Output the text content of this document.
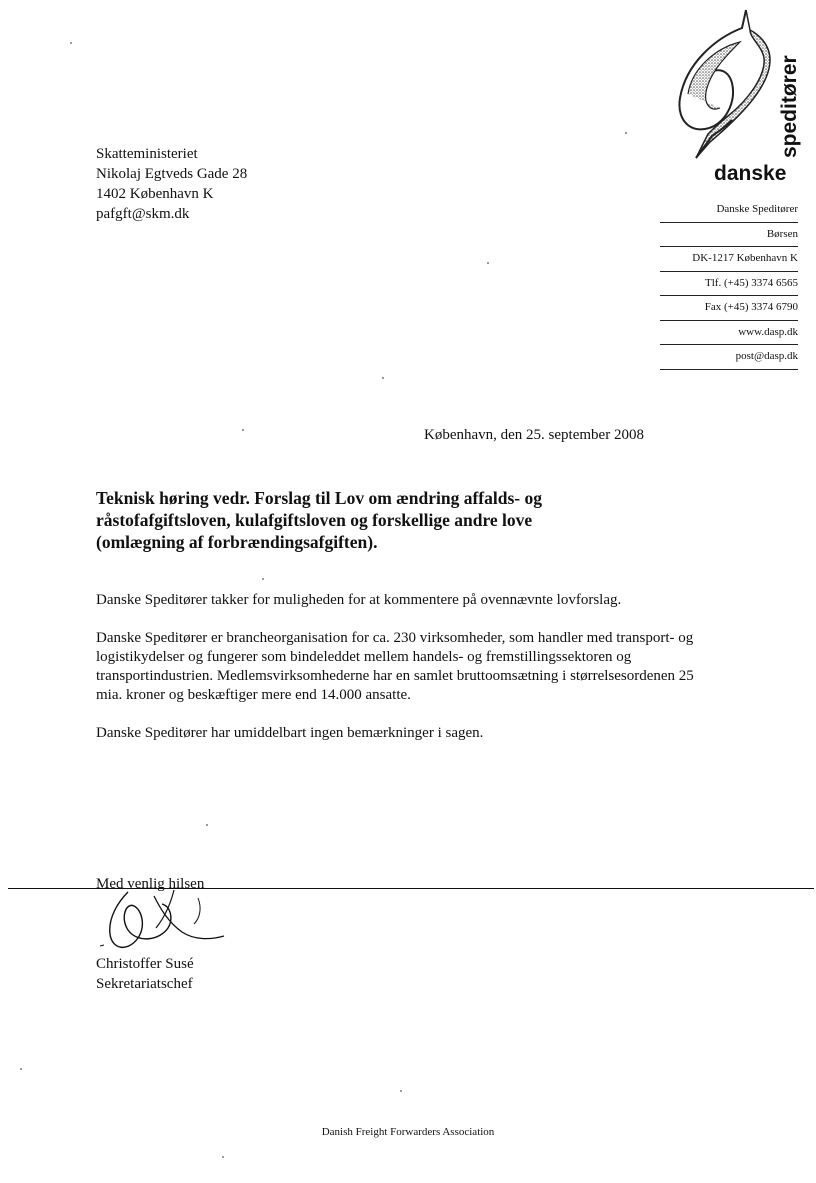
Skatteministeriet
Nikolaj Egtveds Gade 28
1402 København K
pafgft@skm.dk
speditører
danske
Danske Speditører
Børsen
DK-1217 København K
Tlf. (+45) 3374 6565
Fax (+45) 3374 6790
www.dasp.dk
post@dasp.dk
København, den 25. september 2008
Teknisk høring vedr. Forslag til Lov om ændring affalds- og
råstofafgiftsloven, kulafgiftsloven og forskellige andre love
(omlægning af forbrændingsafgiften).

Danske Speditører takker for muligheden for at kommentere på ovennævnte lovforslag.

Danske Speditører er brancheorganisation for ca. 230 virksomheder, som handler med transport- og logistikydelser og fungerer som bindeleddet mellem handels- og fremstillingssektoren og transportindustrien. Medlemsvirksomhederne har en samlet bruttoomsætning i størrelsesordenen 25 mia. kroner og beskæftiger mere end 14.000 ansatte.

Danske Speditører har umiddelbart ingen bemærkninger i sagen.

Med venlig hilsen
Christoffer Susé
Sekretariatschef
Danish Freight Forwarders Association
